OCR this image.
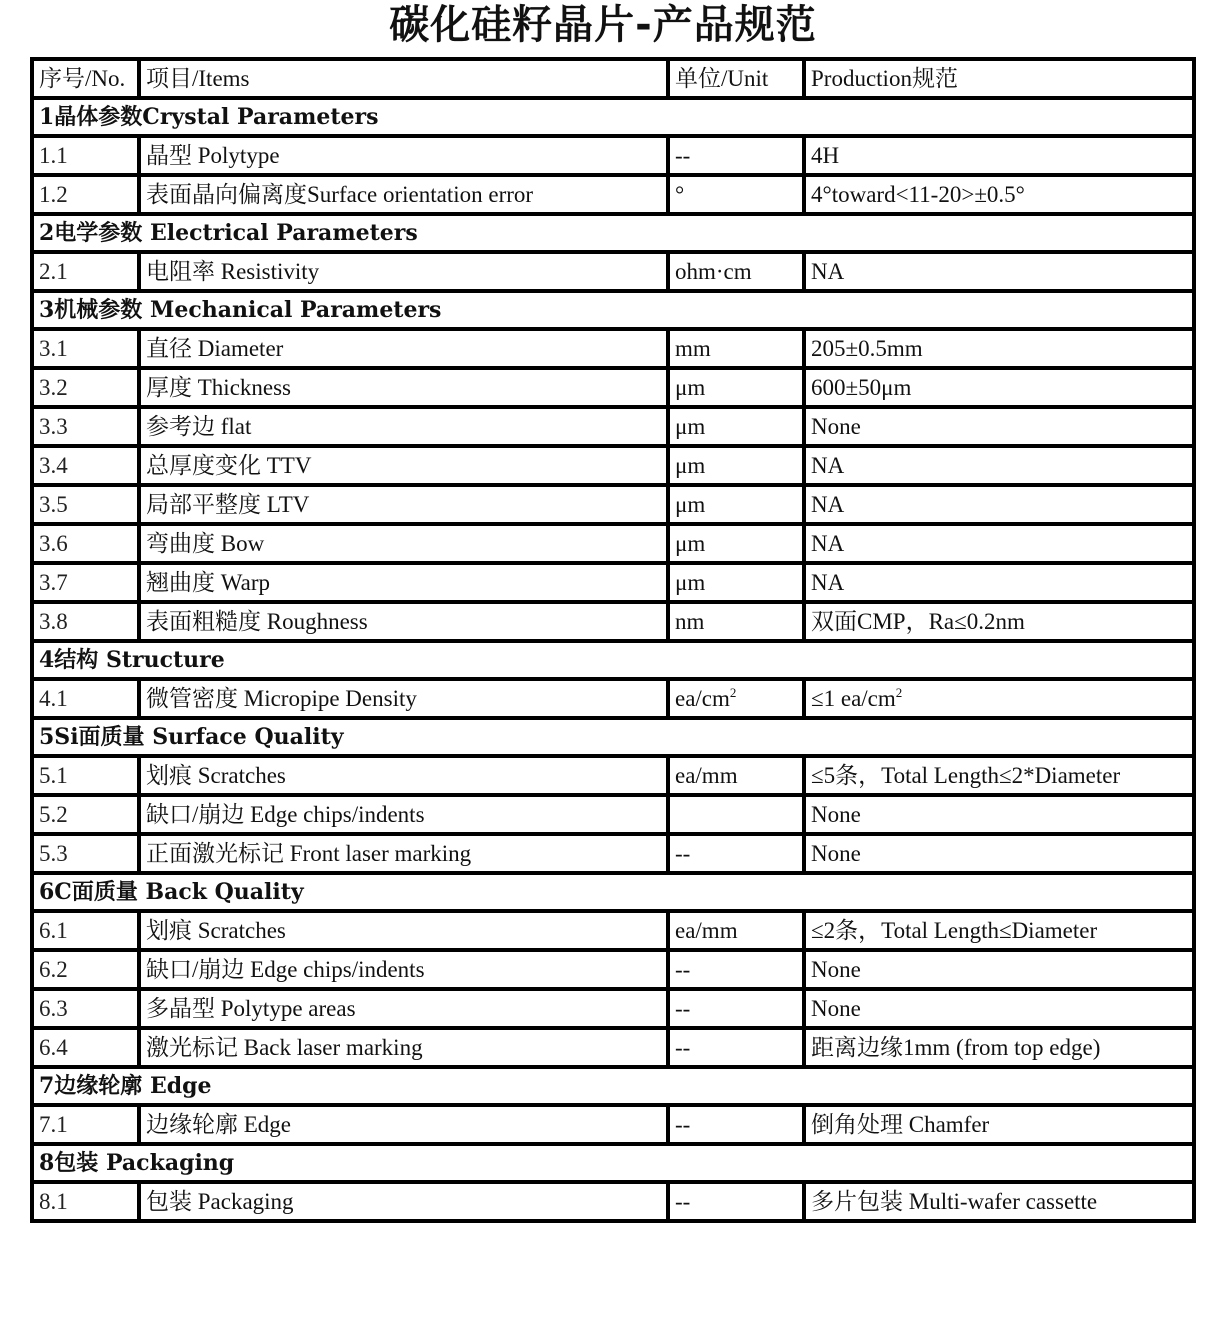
碳化硅籽晶片-产品规范
序号/No.	项目/Items	单位/Unit	Production规范
1晶体参数Crystal Parameters			
1.1	晶型 Polytype	--	4H
1.2	表面晶向偏离度Surface orientation error	°	4°toward<11-20>±0.5°
2电学参数 Electrical Parameters			
2.1	电阻率 Resistivity	ohm·cm	NA
3机械参数 Mechanical Parameters			
3.1	直径 Diameter	mm	205±0.5mm
3.2	厚度 Thickness	μm	600±50μm
3.3	参考边 flat	μm	None
3.4	总厚度变化 TTV	μm	NA
3.5	局部平整度 LTV	μm	NA
3.6	弯曲度 Bow	μm	NA
3.7	翘曲度 Warp	μm	NA
3.8	表面粗糙度 Roughness	nm	双面CMP，Ra≤0.2nm
4结构 Structure			
4.1	微管密度 Micropipe Density	$ea/cm^2$	≤1 $ea/cm^2$
5Si面质量 Surface Quality			
5.1	划痕 Scratches	ea/mm	≤5条，Total Length≤2*Diameter
5.2	缺口/崩边 Edge chips/indents		None
5.3	正面激光标记 Front laser marking	--	None
6C面质量 Back Quality			
6.1	划痕 Scratches	ea/mm	≤2条，Total Length≤Diameter
6.2	缺口/崩边 Edge chips/indents	--	None
6.3	多晶型 Polytype areas	--	None
6.4	激光标记 Back laser marking	--	距离边缘1mm (from top edge)
7边缘轮廓 Edge			
7.1	边缘轮廓 Edge	--	倒角处理 Chamfer
8包装 Packaging			
8.1	包装 Packaging	--	多片包装 Multi-wafer cassette
